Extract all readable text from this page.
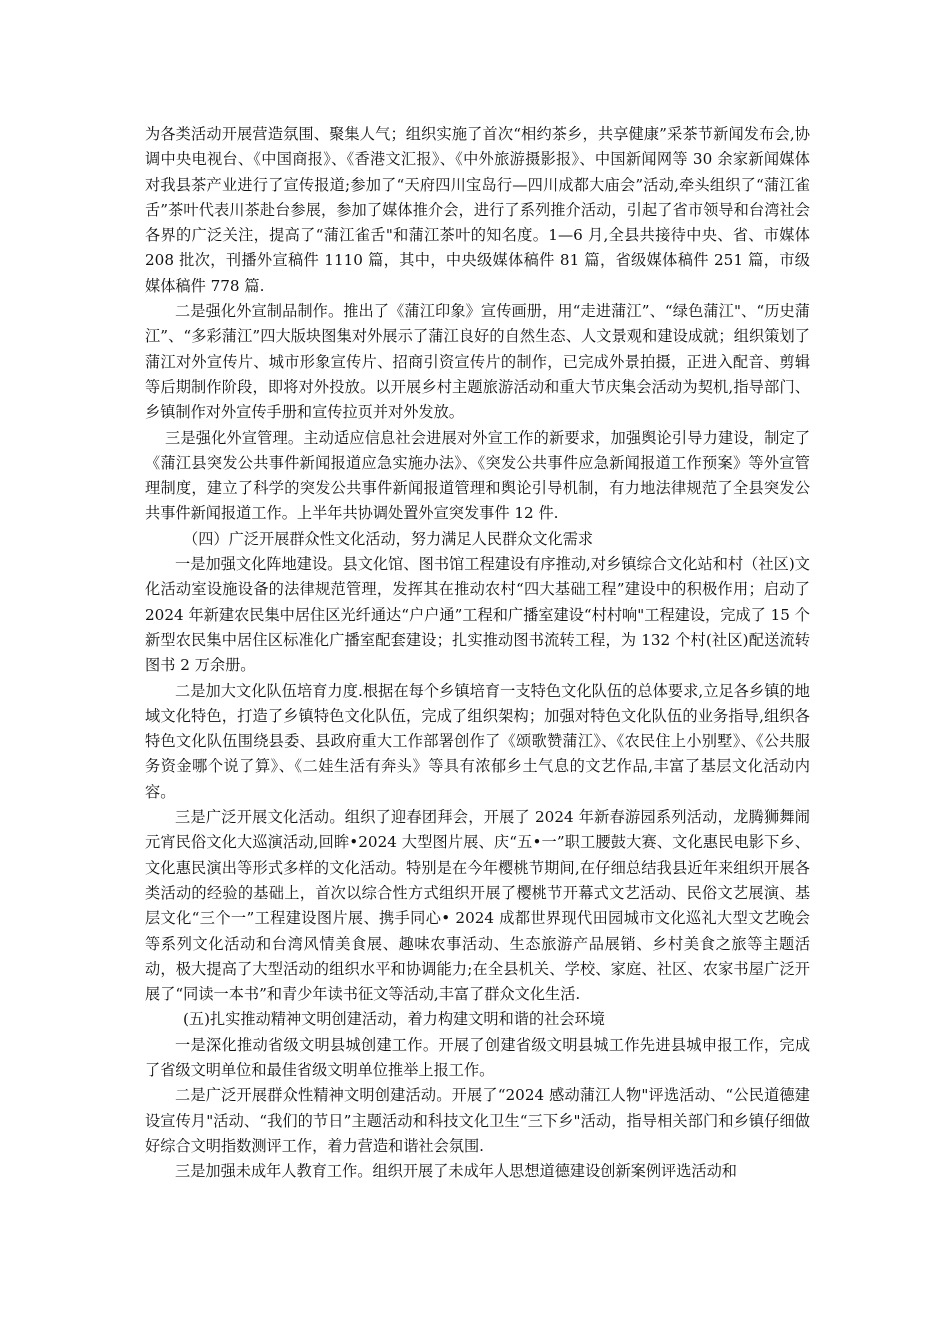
为各类活动开展营造氛围、聚集人气；组织实施了首次“相约茶乡，共享健康”采茶节新闻发布会,协调中央电视台、《中国商报》、《香港文汇报》、《中外旅游摄影报》、中国新闻网等 30 余家新闻媒体对我县茶产业进行了宣传报道;参加了“天府四川宝岛行—四川成都大庙会”活动,牵头组织了“蒲江雀舌”茶叶代表川茶赴台参展，参加了媒体推介会，进行了系列推介活动，引起了省市领导和台湾社会各界的广泛关注，提高了“蒲江雀舌"和蒲江茶叶的知名度。1—6 月,全县共接待中央、省、市媒体 208 批次，刊播外宣稿件 1110 篇，其中，中央级媒体稿件 81 篇，省级媒体稿件 251 篇，市级媒体稿件 778 篇.

二是强化外宣制品制作。推出了《蒲江印象》宣传画册，用“走进蒲江”、“绿色蒲江"、“历史蒲江”、“多彩蒲江”四大版块图集对外展示了蒲江良好的自然生态、人文景观和建设成就；组织策划了蒲江对外宣传片、城市形象宣传片、招商引资宣传片的制作，已完成外景拍摄，正进入配音、剪辑等后期制作阶段，即将对外投放。以开展乡村主题旅游活动和重大节庆集会活动为契机,指导部门、乡镇制作对外宣传手册和宣传拉页并对外发放。

三是强化外宣管理。主动适应信息社会进展对外宣工作的新要求，加强舆论引导力建设，制定了《蒲江县突发公共事件新闻报道应急实施办法》、《突发公共事件应急新闻报道工作预案》等外宣管理制度，建立了科学的突发公共事件新闻报道管理和舆论引导机制，有力地法律规范了全县突发公共事件新闻报道工作。上半年共协调处置外宣突发事件 12 件.

（四）广泛开展群众性文化活动，努力满足人民群众文化需求

一是加强文化阵地建设。县文化馆、图书馆工程建设有序推动,对乡镇综合文化站和村（社区)文化活动室设施设备的法律规范管理，发挥其在推动农村“四大基础工程”建设中的积极作用；启动了 2024 年新建农民集中居住区光纤通达“户户通”工程和广播室建设“村村响"工程建设，完成了 15 个新型农民集中居住区标准化广播室配套建设；扎实推动图书流转工程，为 132 个村(社区)配送流转图书 2 万余册。

二是加大文化队伍培育力度.根据在每个乡镇培育一支特色文化队伍的总体要求,立足各乡镇的地域文化特色，打造了乡镇特色文化队伍，完成了组织架构；加强对特色文化队伍的业务指导,组织各特色文化队伍围绕县委、县政府重大工作部署创作了《颂歌赞蒲江》、《农民住上小别墅》、《公共服务资金哪个说了算》、《二娃生活有奔头》等具有浓郁乡土气息的文艺作品,丰富了基层文化活动内容。

三是广泛开展文化活动。组织了迎春团拜会，开展了 2024 年新春游园系列活动，龙腾狮舞闹元宵民俗文化大巡演活动,回眸•2024 大型图片展、庆“五•一”职工腰鼓大赛、文化惠民电影下乡、文化惠民演出等形式多样的文化活动。特别是在今年樱桃节期间,在仔细总结我县近年来组织开展各类活动的经验的基础上，首次以综合性方式组织开展了樱桃节开幕式文艺活动、民俗文艺展演、基层文化“三个一”工程建设图片展、携手同心• 2024 成都世界现代田园城市文化巡礼大型文艺晚会等系列文化活动和台湾风情美食展、趣味农事活动、生态旅游产品展销、乡村美食之旅等主题活动，极大提高了大型活动的组织水平和协调能力;在全县机关、学校、家庭、社区、农家书屋广泛开展了“同读一本书”和青少年读书征文等活动,丰富了群众文化生活.

(五)扎实推动精神文明创建活动，着力构建文明和谐的社会环境

一是深化推动省级文明县城创建工作。开展了创建省级文明县城工作先进县城申报工作，完成了省级文明单位和最佳省级文明单位推举上报工作。

二是广泛开展群众性精神文明创建活动。开展了“2024 感动蒲江人物"评选活动、“公民道德建设宣传月"活动、“我们的节日”主题活动和科技文化卫生“三下乡"活动，指导相关部门和乡镇仔细做好综合文明指数测评工作，着力营造和谐社会氛围.

三是加强未成年人教育工作。组织开展了未成年人思想道德建设创新案例评选活动和
